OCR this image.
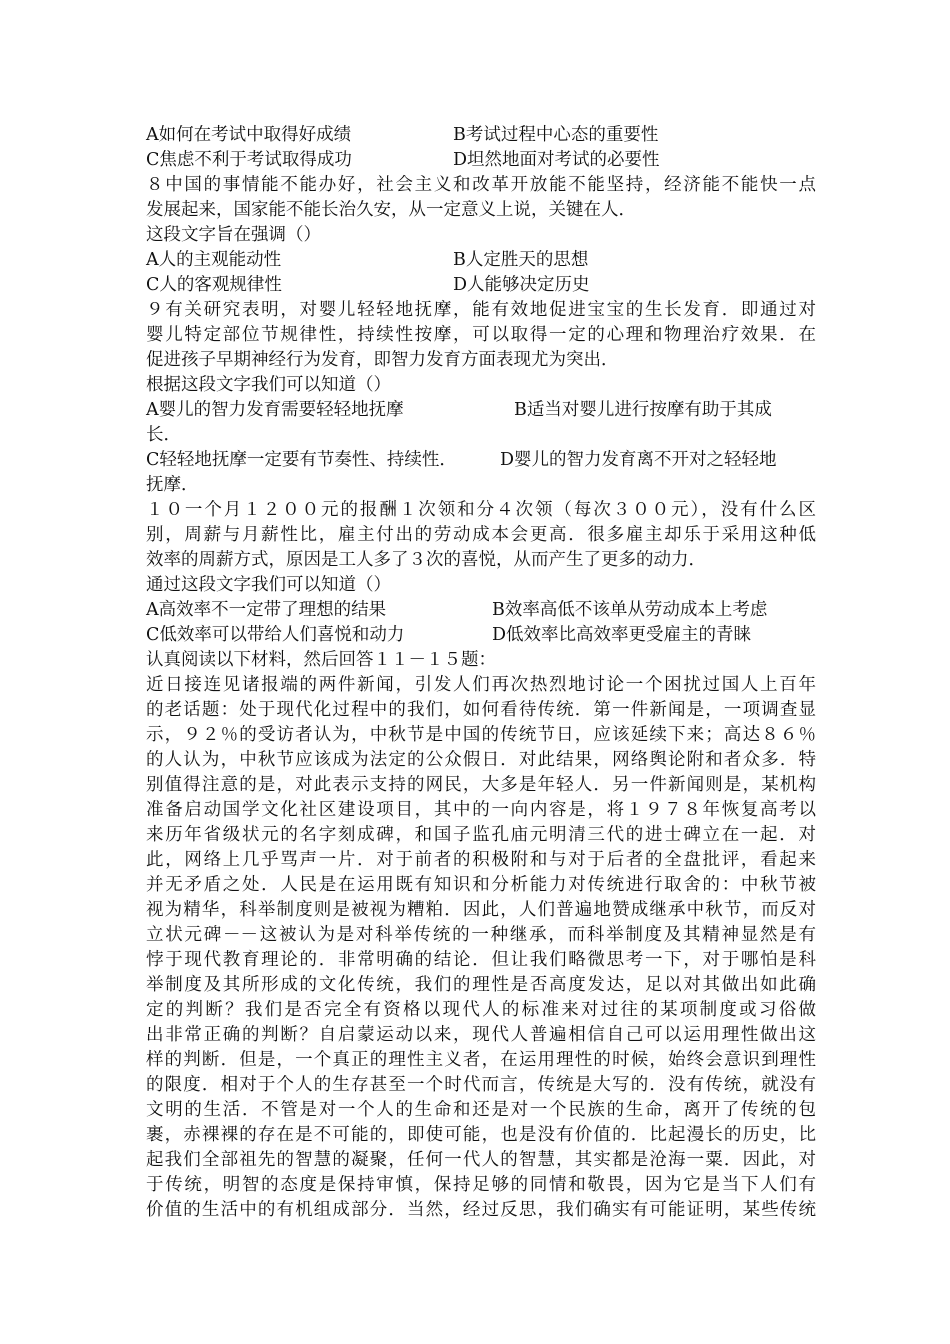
A如何在考试中取得好成绩	B考试过程中心态的重要性
C焦虑不利于考试取得成功	D坦然地面对考试的必要性
８中国的事情能不能办好，社会主义和改革开放能不能坚持，经济能不能快一点
发展起来，国家能不能长治久安，从一定意义上说，关键在人．
这段文字旨在强调（）
A人的主观能动性	B人定胜天的思想
C人的客观规律性	D人能够决定历史
９有关研究表明，对婴儿轻轻地抚摩，能有效地促进宝宝的生长发育．即通过对
婴儿特定部位节规律性，持续性按摩，可以取得一定的心理和物理治疗效果．在
促进孩子早期神经行为发育，即智力发育方面表现尤为突出．
根据这段文字我们可以知道（）
A婴儿的智力发育需要轻轻地抚摩	B适当对婴儿进行按摩有助于其成
长．
C轻轻地抚摩一定要有节奏性、持续性． D婴儿的智力发育离不开对之轻轻地
抚摩．
１０一个月１２００元的报酬１次领和分４次领（每次３００元），没有什么区
别，周薪与月薪性比，雇主付出的劳动成本会更高．很多雇主却乐于采用这种低
效率的周薪方式，原因是工人多了３次的喜悦，从而产生了更多的动力．
通过这段文字我们可以知道（）
A高效率不一定带了理想的结果	B效率高低不该单从劳动成本上考虑
C低效率可以带给人们喜悦和动力	D低效率比高效率更受雇主的青睐
认真阅读以下材料，然后回答１１－１５题：
近日接连见诸报端的两件新闻，引发人们再次热烈地讨论一个困扰过国人上百年
的老话题：处于现代化过程中的我们，如何看待传统．第一件新闻是，一项调查显
示，９２％的受访者认为，中秋节是中国的传统节日，应该延续下来；高达８６％
的人认为，中秋节应该成为法定的公众假日．对此结果，网络舆论附和者众多．特
别值得注意的是，对此表示支持的网民，大多是年轻人．另一件新闻则是，某机构
准备启动国学文化社区建设项目，其中的一向内容是，将１９７８年恢复高考以
来历年省级状元的名字刻成碑，和国子监孔庙元明清三代的进士碑立在一起．对
此，网络上几乎骂声一片．对于前者的积极附和与对于后者的全盘批评，看起来
并无矛盾之处．人民是在运用既有知识和分析能力对传统进行取舍的：中秋节被
视为精华，科举制度则是被视为糟粕．因此，人们普遍地赞成继承中秋节，而反对
立状元碑－－这被认为是对科举传统的一种继承，而科举制度及其精神显然是有
悖于现代教育理论的．非常明确的结论．但让我们略微思考一下，对于哪怕是科
举制度及其所形成的文化传统，我们的理性是否高度发达，足以对其做出如此确
定的判断？我们是否完全有资格以现代人的标准来对过往的某项制度或习俗做
出非常正确的判断？自启蒙运动以来，现代人普遍相信自己可以运用理性做出这
样的判断．但是，一个真正的理性主义者，在运用理性的时候，始终会意识到理性
的限度．相对于个人的生存甚至一个时代而言，传统是大写的．没有传统，就没有
文明的生活．不管是对一个人的生命和还是对一个民族的生命，离开了传统的包
裹，赤裸裸的存在是不可能的，即使可能，也是没有价值的．比起漫长的历史，比
起我们全部祖先的智慧的凝聚，任何一代人的智慧，其实都是沧海一粟．因此，对
于传统，明智的态度是保持审慎，保持足够的同情和敬畏，因为它是当下人们有
价值的生活中的有机组成部分．当然，经过反思，我们确实有可能证明，某些传统
